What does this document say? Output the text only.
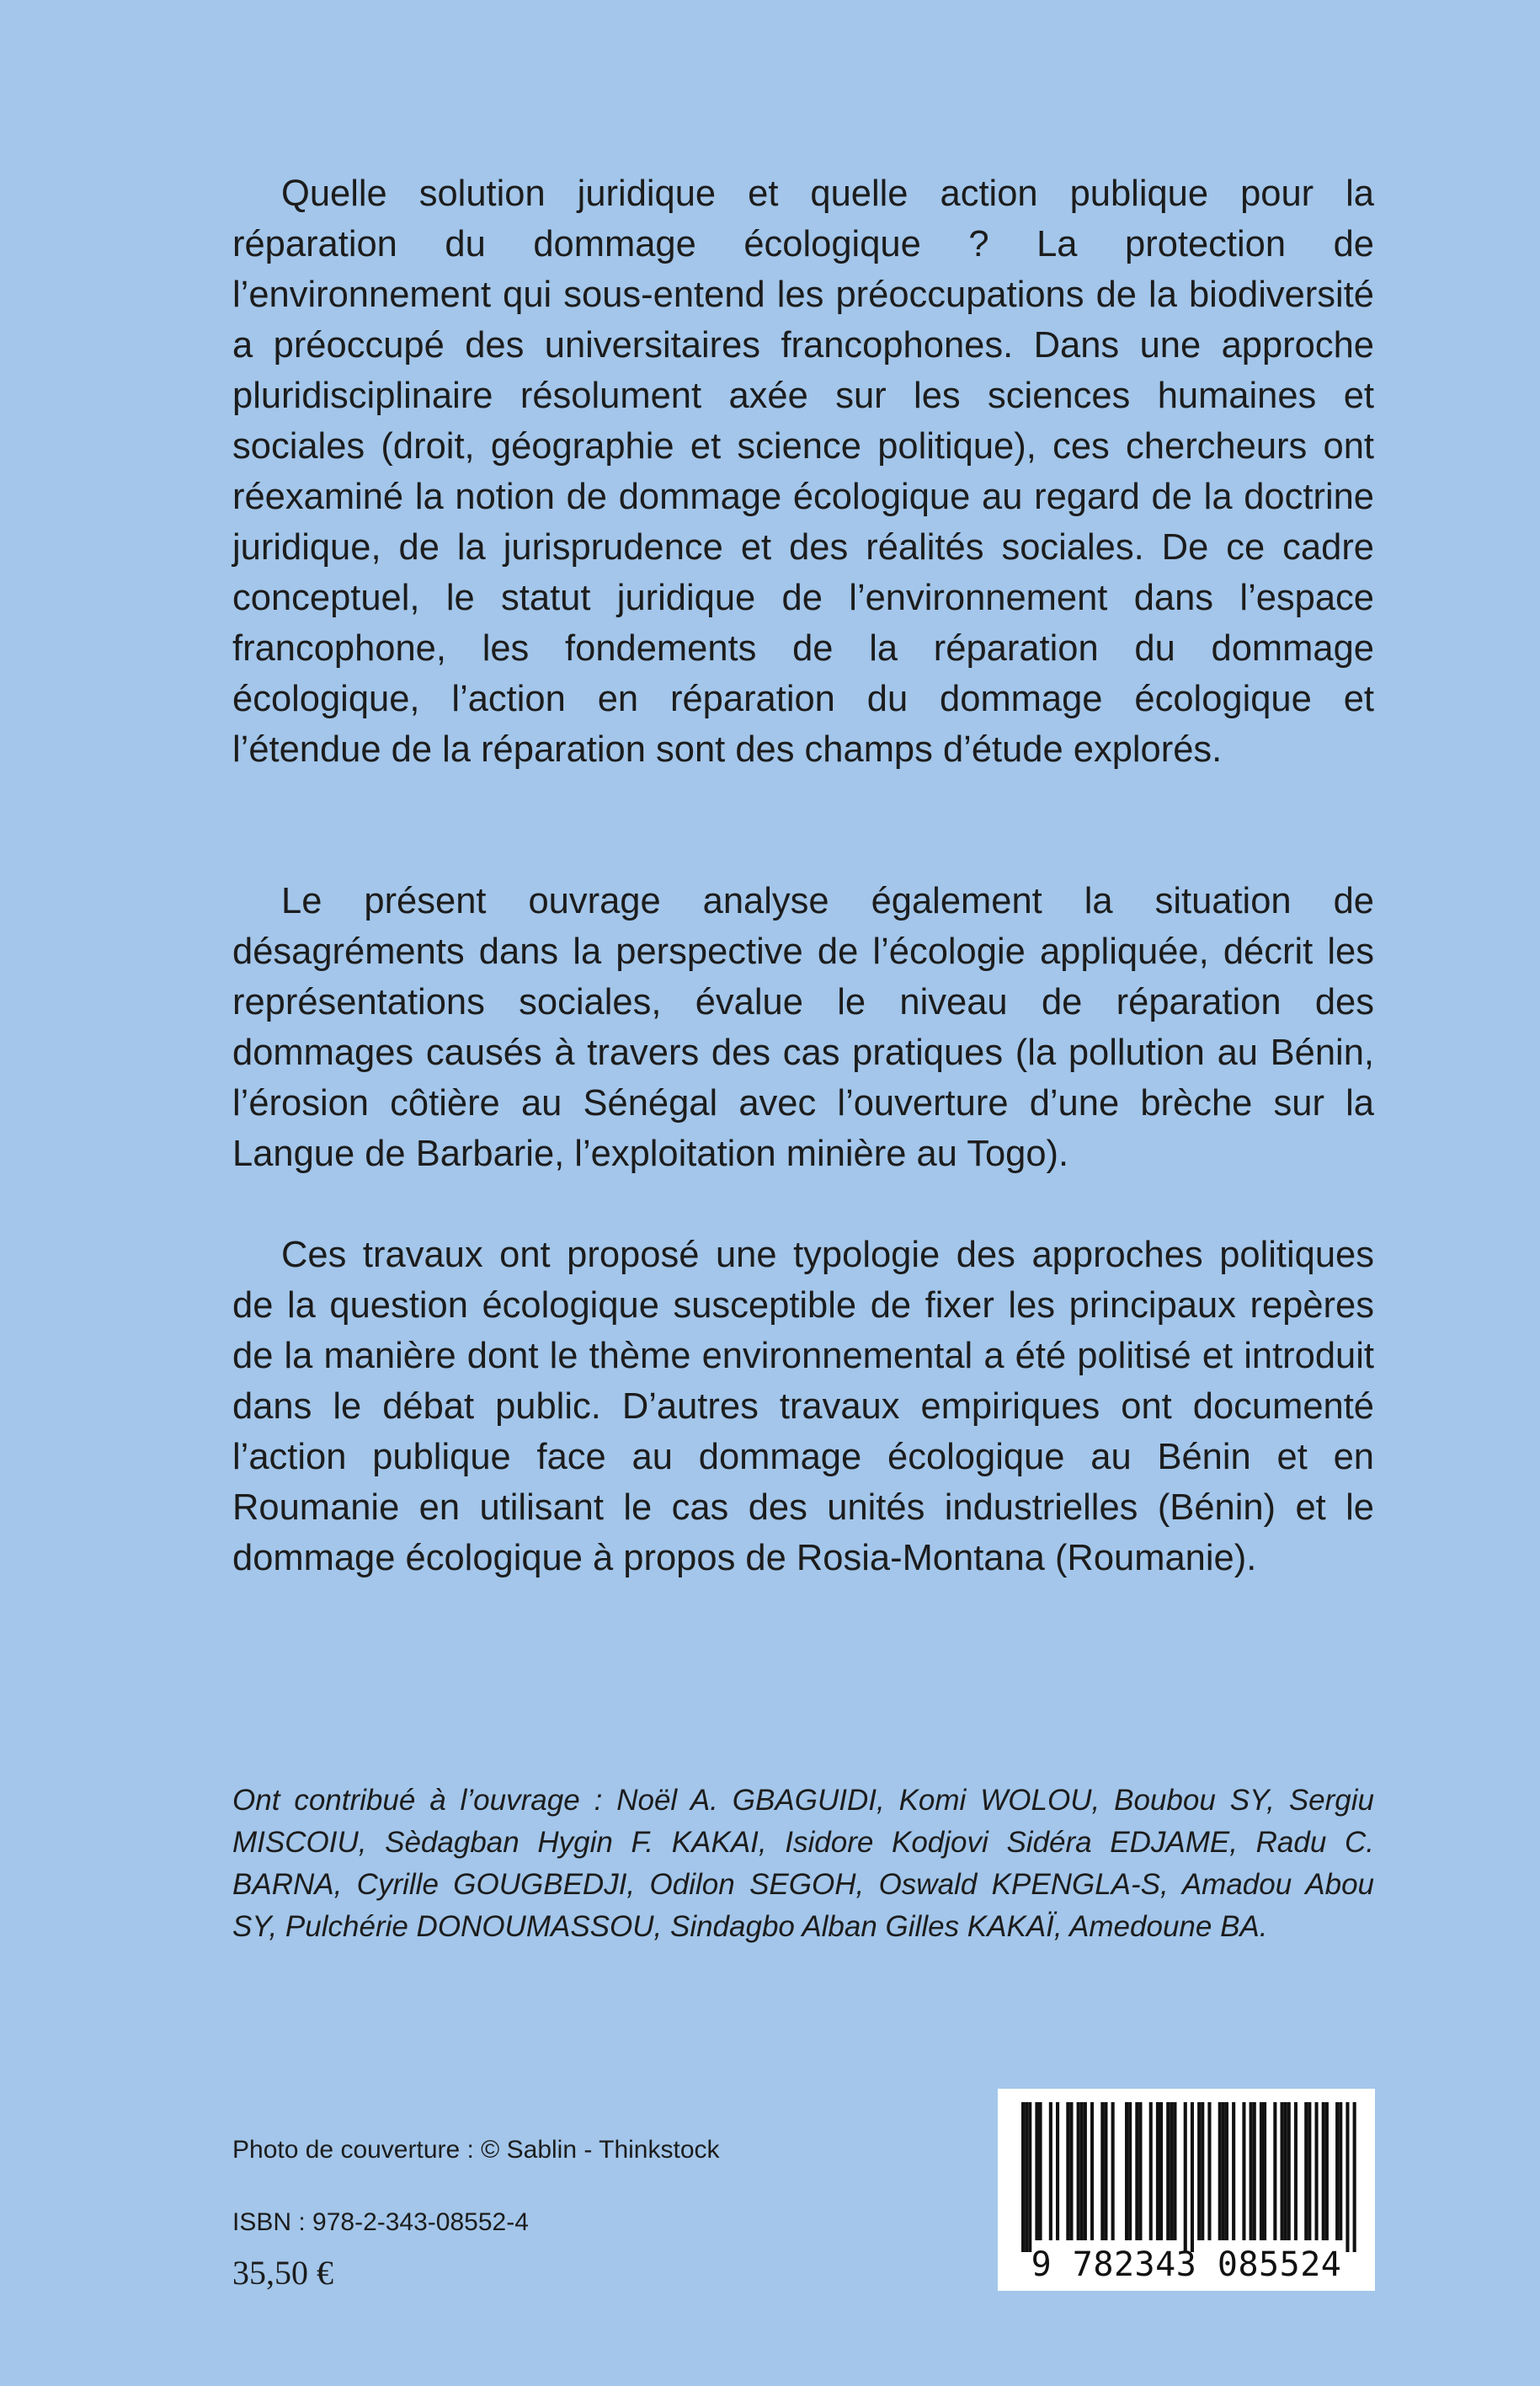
Quelle solution juridique et quelle action publique pour la réparation du dommage écologique ? La protection de l’environnement qui sous-entend les préoccupations de la biodiversité a préoccupé des universitaires francophones. Dans une approche pluridisciplinaire résolument axée sur les sciences humaines et sociales (droit, géographie et science politique), ces chercheurs ont réexaminé la notion de dommage écologique au regard de la doctrine juridique, de la jurisprudence et des réalités sociales. De ce cadre conceptuel, le statut juridique de l’environnement dans l’espace francophone, les fondements de la réparation du dommage écologique, l’action en réparation du dommage écologique et l’étendue de la réparation sont des champs d’étude explorés.

Le présent ouvrage analyse également la situation de désagréments dans la perspective de l’écologie appliquée, décrit les représentations sociales, évalue le niveau de réparation des dommages causés à travers des cas pratiques (la pollution au Bénin, l’érosion côtière au Sénégal avec l’ouverture d’une brèche sur la Langue de Barbarie, l’exploitation minière au Togo).

Ces travaux ont proposé une typologie des approches politiques de la question écologique susceptible de fixer les principaux repères de la manière dont le thème environnemental a été politisé et introduit dans le débat public. D’autres travaux empiriques ont documenté l’action publique face au dommage écologique au Bénin et en Roumanie en utilisant le cas des unités industrielles (Bénin) et le dommage écologique à propos de Rosia-Montana (Roumanie).

Ont contribué à l’ouvrage : Noël A. GBAGUIDI, Komi WOLOU, Boubou SY, Sergiu MISCOIU, Sèdagban Hygin F. KAKAI, Isidore Kodjovi Sidéra EDJAME, Radu C. BARNA, Cyrille GOUGBEDJI, Odilon SEGOH, Oswald KPENGLA-S, Amadou Abou SY, Pulchérie DONOUMASSOU, Sindagbo Alban Gilles KAKAÏ, Amedoune BA.

Photo de couverture : © Sablin - Thinkstock

ISBN : 978-2-343-08552-4

35,50 €	9 782343 085524
